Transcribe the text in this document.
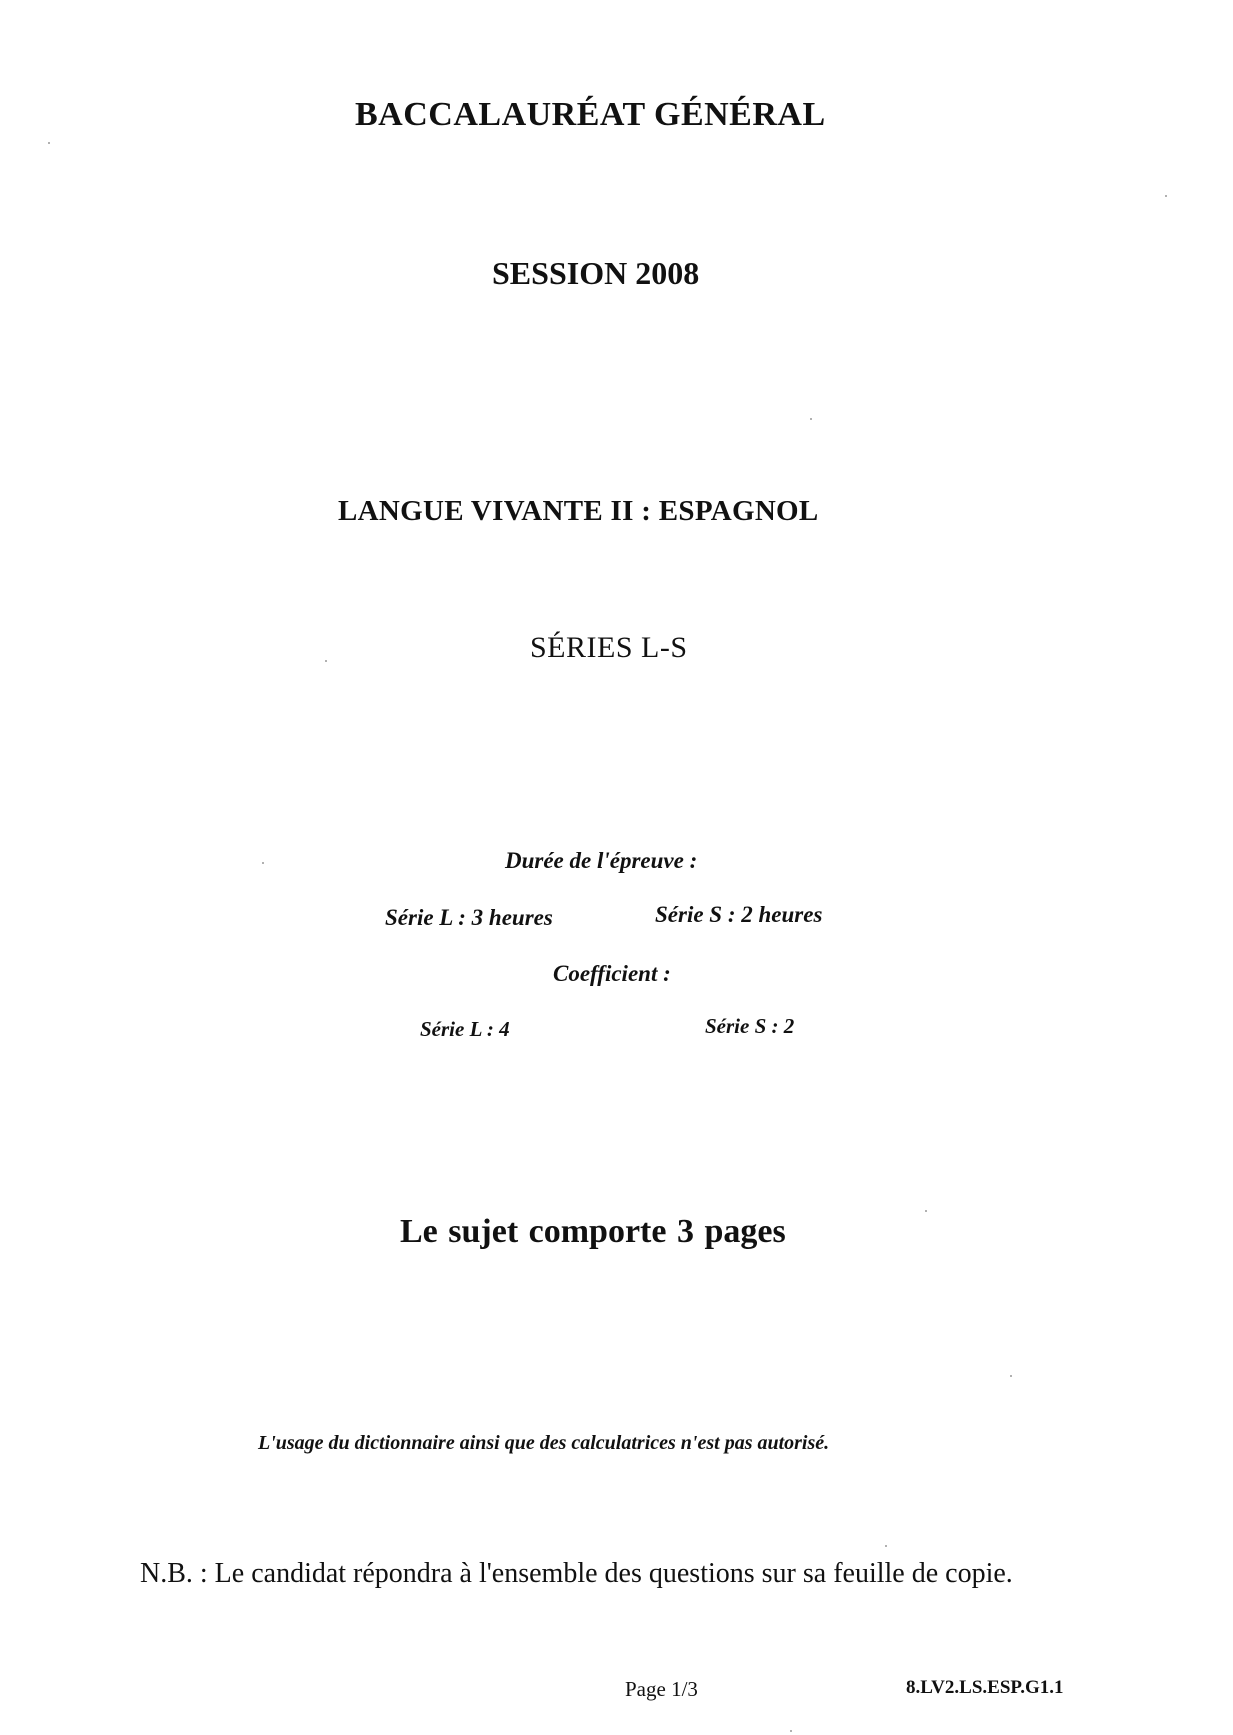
BACCALAURÉAT GÉNÉRAL
SESSION 2008
LANGUE VIVANTE II : ESPAGNOL
SÉRIES L-S
Durée de l'épreuve :
Série L : 3 heures	Série S : 2 heures
Coefficient :
Série L : 4	Série S : 2
Le sujet comporte 3 pages
L'usage du dictionnaire ainsi que des calculatrices n'est pas autorisé.
N.B. : Le candidat répondra à l'ensemble des questions sur sa feuille de copie.
Page 1/3	8.LV2.LS.ESP.G1.1
